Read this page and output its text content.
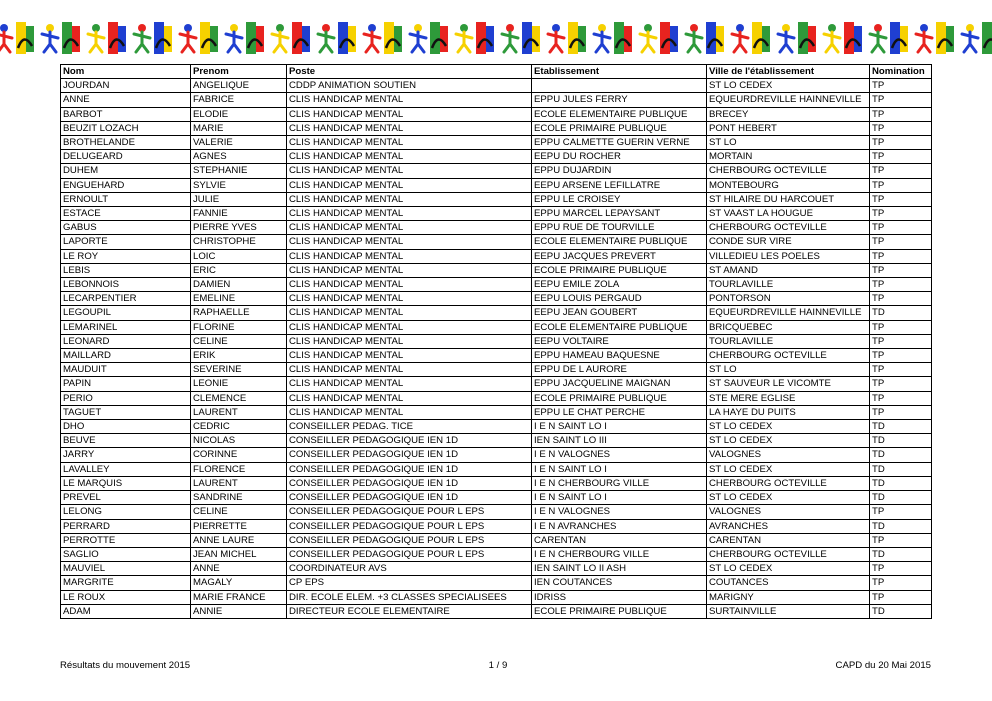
Nom	Prenom	Poste	Etablissement	Ville de l'établissement	Nomination
JOURDAN	ANGELIQUE	CDDP ANIMATION SOUTIEN		ST LO CEDEX	TP
ANNE	FABRICE	CLIS HANDICAP MENTAL	EPPU JULES FERRY	EQUEURDREVILLE HAINNEVILLE	TP
BARBOT	ELODIE	CLIS HANDICAP MENTAL	ECOLE ELEMENTAIRE PUBLIQUE	BRECEY	TP
BEUZIT LOZACH	MARIE	CLIS HANDICAP MENTAL	ECOLE PRIMAIRE PUBLIQUE	PONT HEBERT	TP
BROTHELANDE	VALERIE	CLIS HANDICAP MENTAL	EPPU CALMETTE GUERIN VERNE	ST LO	TP
DELUGEARD	AGNES	CLIS HANDICAP MENTAL	EEPU DU ROCHER	MORTAIN	TP
DUHEM	STEPHANIE	CLIS HANDICAP MENTAL	EPPU DUJARDIN	CHERBOURG OCTEVILLE	TP
ENGUEHARD	SYLVIE	CLIS HANDICAP MENTAL	EEPU ARSENE LEFILLATRE	MONTEBOURG	TP
ERNOULT	JULIE	CLIS HANDICAP MENTAL	EPPU LE CROISEY	ST HILAIRE DU HARCOUET	TP
ESTACE	FANNIE	CLIS HANDICAP MENTAL	EPPU MARCEL LEPAYSANT	ST VAAST LA HOUGUE	TP
GABUS	PIERRE YVES	CLIS HANDICAP MENTAL	EPPU RUE DE TOURVILLE	CHERBOURG OCTEVILLE	TP
LAPORTE	CHRISTOPHE	CLIS HANDICAP MENTAL	ECOLE ELEMENTAIRE PUBLIQUE	CONDE SUR VIRE	TP
LE ROY	LOIC	CLIS HANDICAP MENTAL	EEPU JACQUES PREVERT	VILLEDIEU LES POELES	TP
LEBIS	ERIC	CLIS HANDICAP MENTAL	ECOLE PRIMAIRE PUBLIQUE	ST AMAND	TP
LEBONNOIS	DAMIEN	CLIS HANDICAP MENTAL	EEPU EMILE ZOLA	TOURLAVILLE	TP
LECARPENTIER	EMELINE	CLIS HANDICAP MENTAL	EEPU LOUIS PERGAUD	PONTORSON	TP
LEGOUPIL	RAPHAELLE	CLIS HANDICAP MENTAL	EEPU JEAN GOUBERT	EQUEURDREVILLE HAINNEVILLE	TD
LEMARINEL	FLORINE	CLIS HANDICAP MENTAL	ECOLE ELEMENTAIRE PUBLIQUE	BRICQUEBEC	TP
LEONARD	CELINE	CLIS HANDICAP MENTAL	EEPU VOLTAIRE	TOURLAVILLE	TP
MAILLARD	ERIK	CLIS HANDICAP MENTAL	EPPU HAMEAU BAQUESNE	CHERBOURG OCTEVILLE	TP
MAUDUIT	SEVERINE	CLIS HANDICAP MENTAL	EPPU DE L AURORE	ST LO	TP
PAPIN	LEONIE	CLIS HANDICAP MENTAL	EPPU JACQUELINE MAIGNAN	ST SAUVEUR LE VICOMTE	TP
PERIO	CLEMENCE	CLIS HANDICAP MENTAL	ECOLE PRIMAIRE PUBLIQUE	STE MERE EGLISE	TP
TAGUET	LAURENT	CLIS HANDICAP MENTAL	EPPU LE CHAT PERCHE	LA HAYE DU PUITS	TP
DHO	CEDRIC	CONSEILLER PEDAG. TICE	I E N SAINT LO I	ST LO CEDEX	TD
BEUVE	NICOLAS	CONSEILLER PEDAGOGIQUE IEN 1D	IEN SAINT LO III	ST LO CEDEX	TD
JARRY	CORINNE	CONSEILLER PEDAGOGIQUE IEN 1D	I E N VALOGNES	VALOGNES	TD
LAVALLEY	FLORENCE	CONSEILLER PEDAGOGIQUE IEN 1D	I E N SAINT LO I	ST LO CEDEX	TD
LE MARQUIS	LAURENT	CONSEILLER PEDAGOGIQUE IEN 1D	I E N CHERBOURG VILLE	CHERBOURG OCTEVILLE	TD
PREVEL	SANDRINE	CONSEILLER PEDAGOGIQUE IEN 1D	I E N SAINT LO I	ST LO CEDEX	TD
LELONG	CELINE	CONSEILLER PEDAGOGIQUE POUR L EPS	I E N VALOGNES	VALOGNES	TP
PERRARD	PIERRETTE	CONSEILLER PEDAGOGIQUE POUR L EPS	I E N AVRANCHES	AVRANCHES	TD
PERROTTE	ANNE LAURE	CONSEILLER PEDAGOGIQUE POUR L EPS	CARENTAN	CARENTAN	TP
SAGLIO	JEAN MICHEL	CONSEILLER PEDAGOGIQUE POUR L EPS	I E N CHERBOURG VILLE	CHERBOURG OCTEVILLE	TD
MAUVIEL	ANNE	COORDINATEUR AVS	IEN SAINT LO II ASH	ST LO CEDEX	TP
MARGRITE	MAGALY	CP EPS	IEN COUTANCES	COUTANCES	TP
LE ROUX	MARIE FRANCE	DIR. ECOLE ELEM. +3 CLASSES SPECIALISEES	IDRISS	MARIGNY	TP
ADAM	ANNIE	DIRECTEUR ECOLE ELEMENTAIRE	ECOLE PRIMAIRE PUBLIQUE	SURTAINVILLE	TD
Résultats du mouvement 2015	1 / 9	CAPD du 20 Mai 2015
